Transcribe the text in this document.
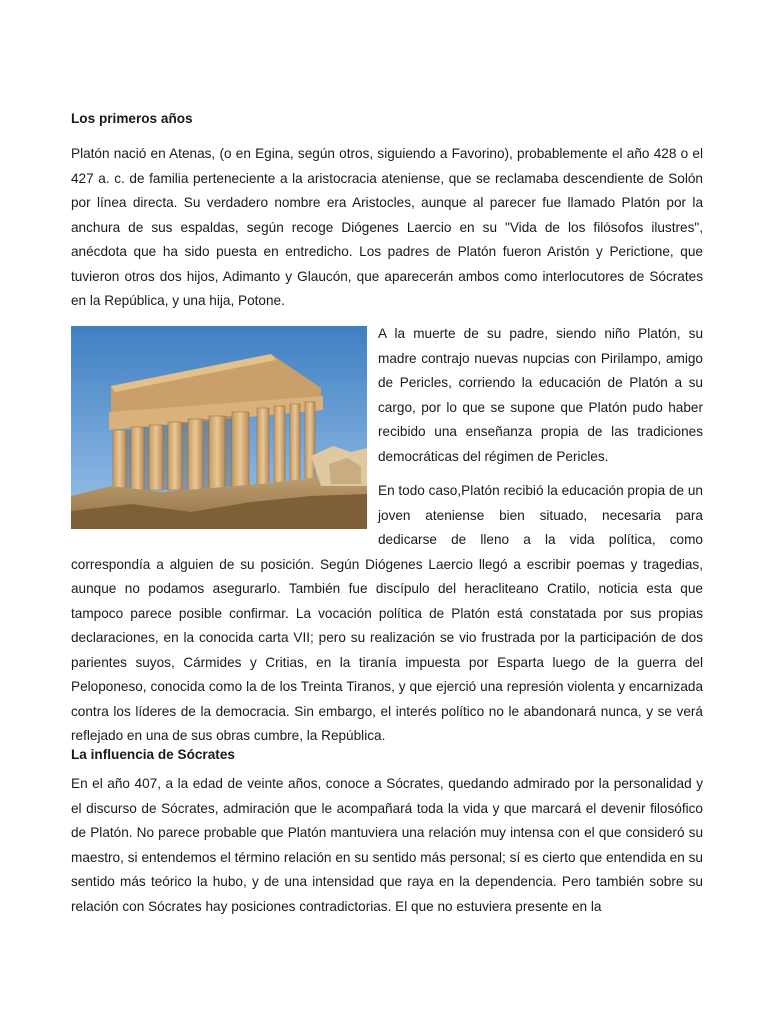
Los primeros años

Platón nació en Atenas, (o en Egina, según otros, siguiendo a Favorino), probablemente el año 428 o el 427 a. c. de familia perteneciente a la aristocracia ateniense, que se reclamaba descendiente de Solón por línea directa. Su verdadero nombre era Aristocles, aunque al parecer fue llamado Platón por la anchura de sus espaldas, según recoge Diógenes Laercio en su "Vida de los filósofos ilustres", anécdota que ha sido puesta en entredicho. Los padres de Platón fueron Aristón y Perictione, que tuvieron otros dos hijos, Adimanto y Glaucón, que aparecerán ambos como interlocutores de Sócrates en la República, y una hija, Potone.

A la muerte de su padre, siendo niño Platón, su madre contrajo nuevas nupcias con Pirilampo, amigo de Pericles, corriendo la educación de Platón a su cargo, por lo que se supone que Platón pudo haber recibido una enseñanza propia de las tradiciones democráticas del régimen de Pericles.

En todo caso,Platón recibió la educación propia de un joven ateniense bien situado, necesaria para dedicarse de lleno a la vida política, como correspondía a alguien de su posición. Según Diógenes Laercio llegó a escribir poemas y tragedias, aunque no podamos asegurarlo. También fue discípulo del heracliteano Cratilo, noticia esta que tampoco parece posible confirmar. La vocación política de Platón está constatada por sus propias declaraciones, en la conocida carta VII; pero su realización se vio frustrada por la participación de dos parientes suyos, Cármides y Critias, en la tiranía impuesta por Esparta luego de la guerra del Peloponeso, conocida como la de los Treinta Tiranos, y que ejerció una represión violenta y encarnizada contra los líderes de la democracia. Sin embargo, el interés político no le abandonará nunca, y se verá reflejado en una de sus obras cumbre, la República.

La influencia de Sócrates

En el año 407, a la edad de veinte años, conoce a Sócrates, quedando admirado por la personalidad y el discurso de Sócrates, admiración que le acompañará toda la vida y que marcará el devenir filosófico de Platón. No parece probable que Platón mantuviera una relación muy intensa con el que consideró su maestro, si entendemos el término relación en su sentido más personal; sí es cierto que entendida en su sentido más teórico la hubo, y de una intensidad que raya en la dependencia. Pero también sobre su relación con Sócrates hay posiciones contradictorias. El que no estuviera presente en la
